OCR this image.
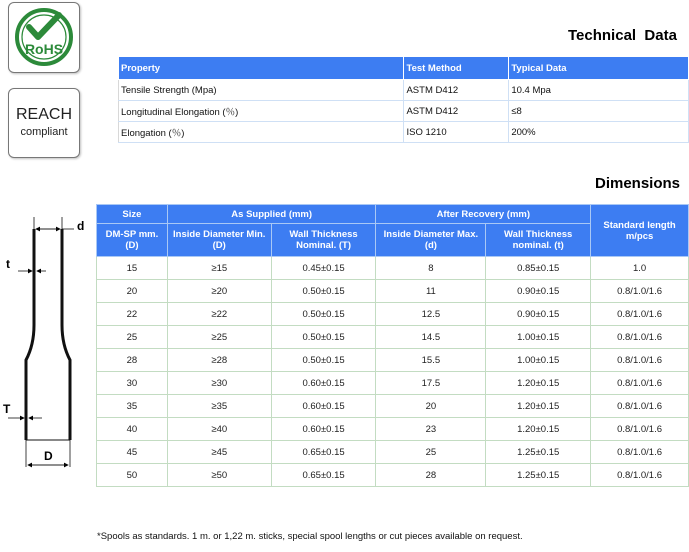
RoHS
REACH
compliant
Technical  Data
Property	Test Method	Typical Data
Tensile Strength (Mpa)	ASTM D412	10.4 Mpa
Longitudinal Elongation (％)	ASTM D412	≤8
Elongation (％)	ISO 1210	200%
Dimensions
d
t
T
D
Size	As Supplied (mm)		After Recovery (mm)		Standard length m/pcs
DM-SP mm. (D)	Inside Diameter Min. (D)	Wall Thickness Nominal. (T)	Inside Diameter Max. (d)	Wall Thickness nominal. (t)	
15	≥15	0.45±0.15	8	0.85±0.15	1.0
20	≥20	0.50±0.15	11	0.90±0.15	0.8/1.0/1.6
22	≥22	0.50±0.15	12.5	0.90±0.15	0.8/1.0/1.6
25	≥25	0.50±0.15	14.5	1.00±0.15	0.8/1.0/1.6
28	≥28	0.50±0.15	15.5	1.00±0.15	0.8/1.0/1.6
30	≥30	0.60±0.15	17.5	1.20±0.15	0.8/1.0/1.6
35	≥35	0.60±0.15	20	1.20±0.15	0.8/1.0/1.6
40	≥40	0.60±0.15	23	1.20±0.15	0.8/1.0/1.6
45	≥45	0.65±0.15	25	1.25±0.15	0.8/1.0/1.6
50	≥50	0.65±0.15	28	1.25±0.15	0.8/1.0/1.6
*Spools as standards. 1 m. or 1,22 m. sticks, special spool lengths or cut pieces available on request.
